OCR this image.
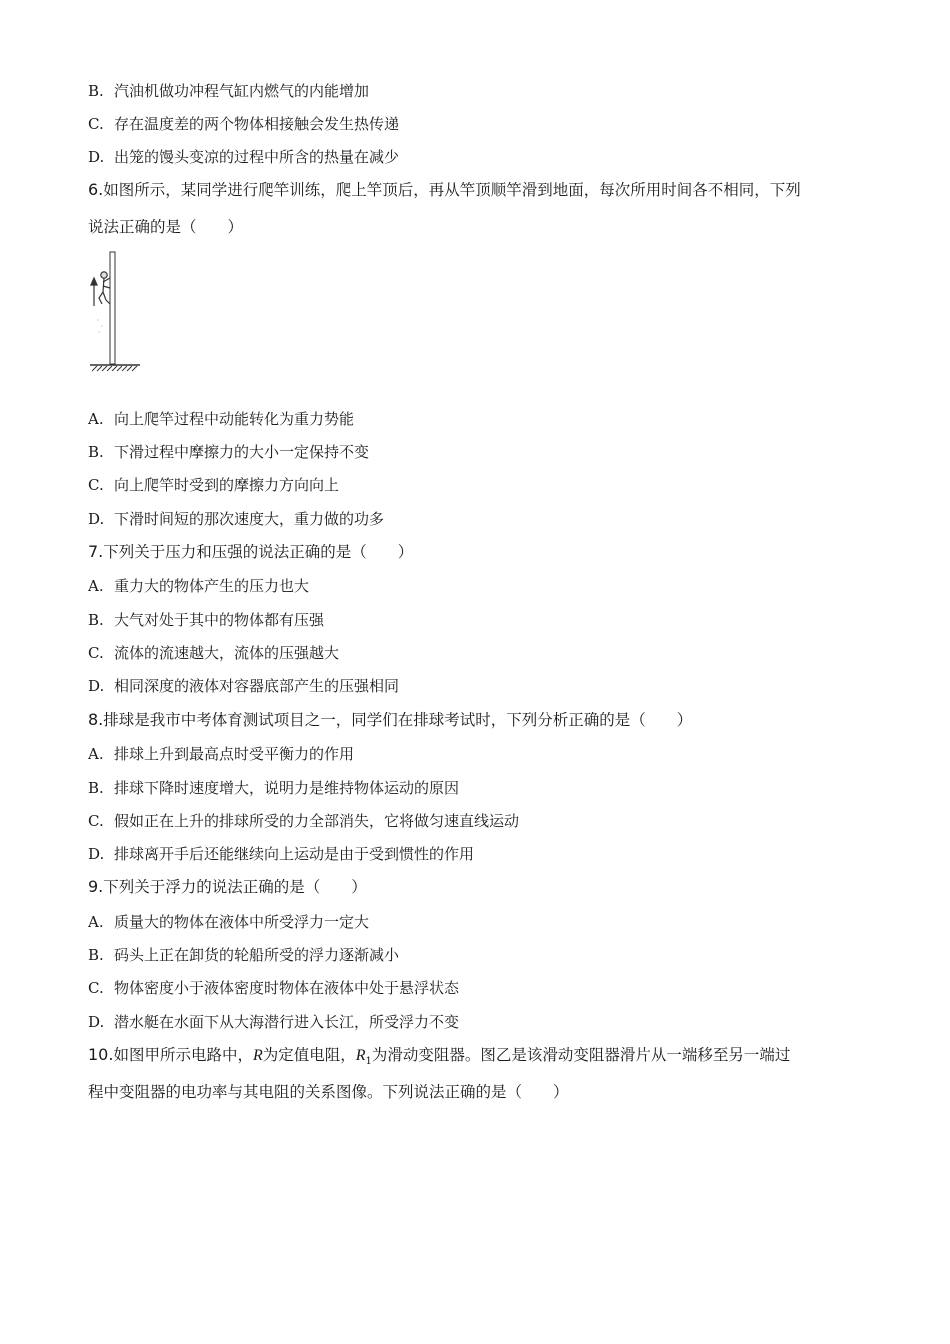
B. 汽油机做功冲程气缸内燃气的内能增加
C. 存在温度差的两个物体相接触会发生热传递
D. 出笼的馒头变凉的过程中所含的热量在减少
6.如图所示，某同学进行爬竿训练，爬上竿顶后，再从竿顶顺竿滑到地面，每次所用时间各不相同，下列
说法正确的是（　　）
A. 向上爬竿过程中动能转化为重力势能
B. 下滑过程中摩擦力的大小一定保持不变
C. 向上爬竿时受到的摩擦力方向向上
D. 下滑时间短的那次速度大，重力做的功多
7.下列关于压力和压强的说法正确的是（　　）
A. 重力大的物体产生的压力也大
B. 大气对处于其中的物体都有压强
C. 流体的流速越大，流体的压强越大
D. 相同深度的液体对容器底部产生的压强相同
8.排球是我市中考体育测试项目之一，同学们在排球考试时，下列分析正确的是（　　）
A. 排球上升到最高点时受平衡力的作用
B. 排球下降时速度增大，说明力是维持物体运动的原因
C. 假如正在上升的排球所受的力全部消失，它将做匀速直线运动
D. 排球离开手后还能继续向上运动是由于受到惯性的作用
9.下列关于浮力的说法正确的是（　　）
A. 质量大的物体在液体中所受浮力一定大
B. 码头上正在卸货的轮船所受的浮力逐渐减小
C. 物体密度小于液体密度时物体在液体中处于悬浮状态
D. 潜水艇在水面下从大海潜行进入长江，所受浮力不变
10.如图甲所示电路中，R为定值电阻，$R_1$为滑动变阻器。图乙是该滑动变阻器滑片从一端移至另一端过
程中变阻器的电功率与其电阻的关系图像。下列说法正确的是（　　）
